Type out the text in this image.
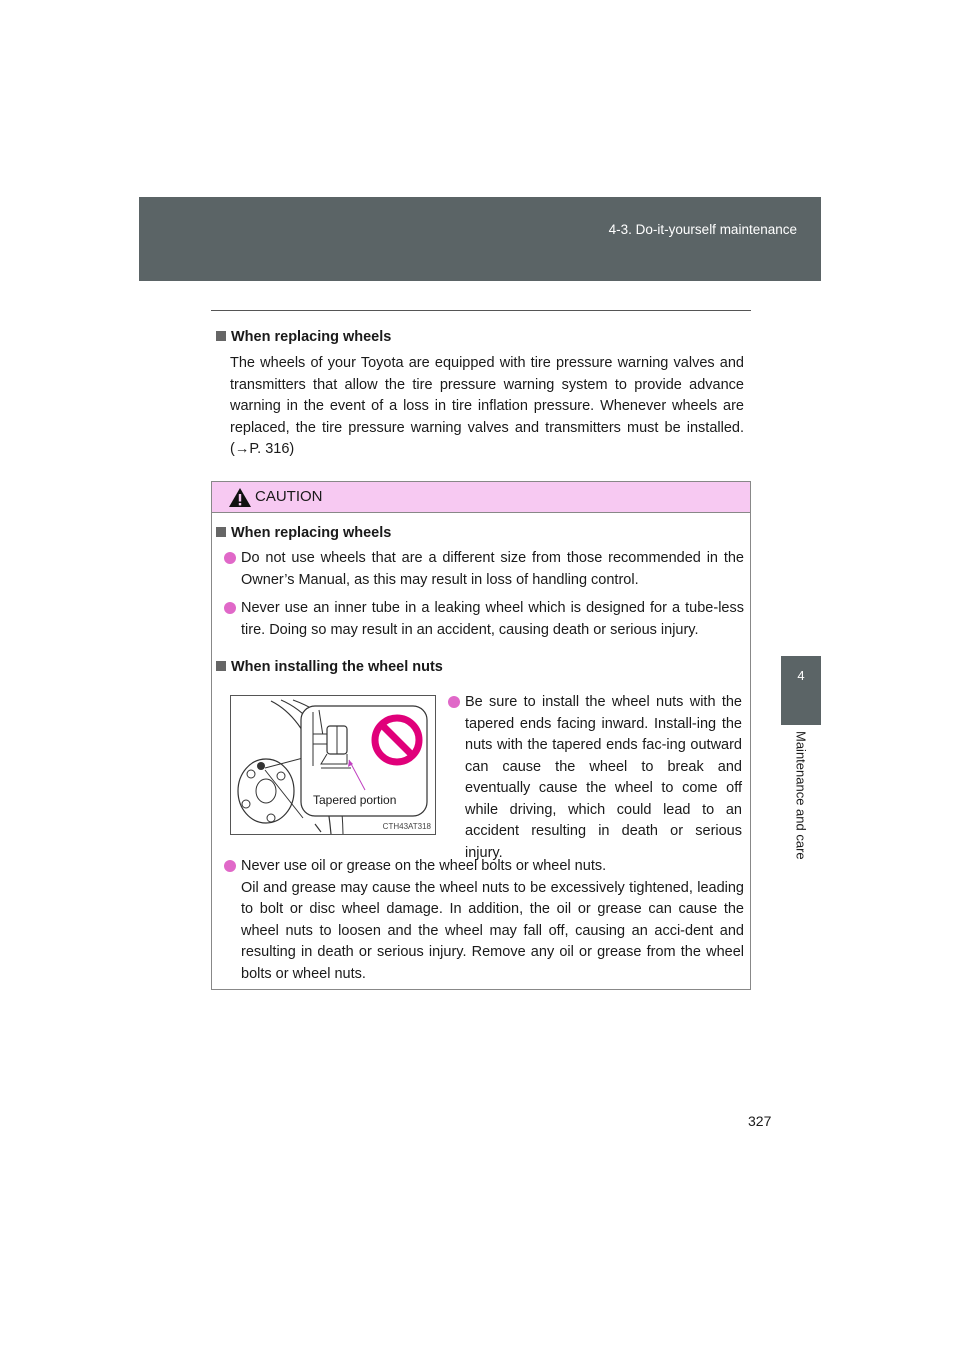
4-3. Do-it-yourself maintenance
4
Maintenance and care
When replacing wheels
The wheels of your Toyota are equipped with tire pressure warning valves and transmitters that allow the tire pressure warning system to provide advance warning in the event of a loss in tire inflation pressure. Whenever wheels are replaced, the tire pressure warning valves and transmitters must be installed. (→P. 316)
CAUTION
When replacing wheels
Do not use wheels that are a different size from those recommended in the Owner’s Manual, as this may result in loss of handling control.
Never use an inner tube in a leaking wheel which is designed for a tube-less tire. Doing so may result in an accident, causing death or serious injury.
When installing the wheel nuts
Tapered portion
CTH43AT318
Be sure to install the wheel nuts with the tapered ends facing inward. Install-ing the nuts with the tapered ends fac-ing outward can cause the wheel to break and eventually cause the wheel to come off while driving, which could lead to an accident resulting in death or serious injury.
Never use oil or grease on the wheel bolts or wheel nuts.
Oil and grease may cause the wheel nuts to be excessively tightened, leading to bolt or disc wheel damage. In addition, the oil or grease can cause the wheel nuts to loosen and the wheel may fall off, causing an acci-dent and resulting in death or serious injury. Remove any oil or grease from the wheel bolts or wheel nuts.
327
